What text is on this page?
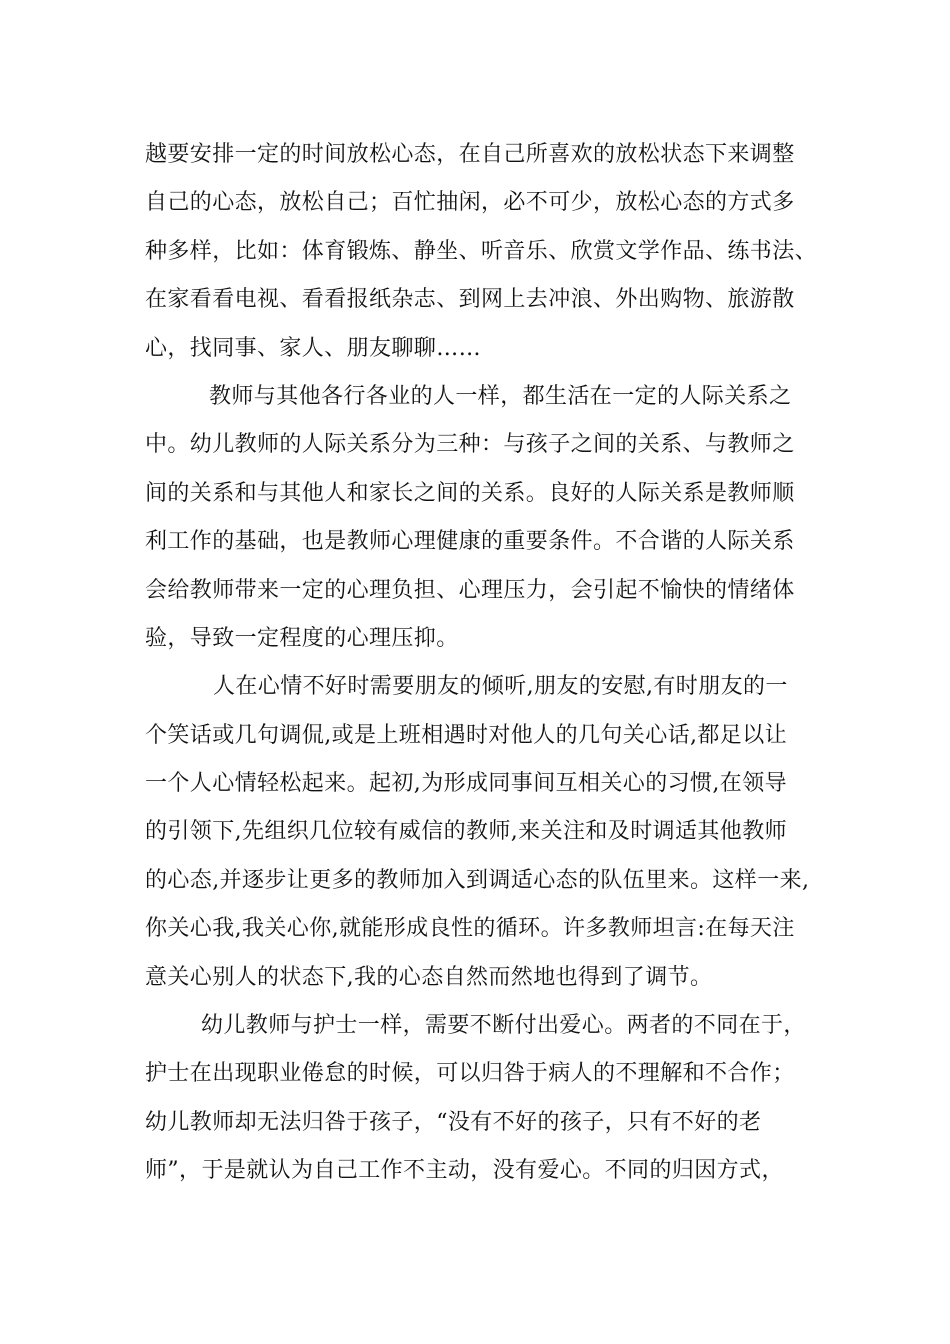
越要安排一定的时间放松心态，在自己所喜欢的放松状态下来调整
自己的心态，放松自己；百忙抽闲，必不可少，放松心态的方式多
种多样，比如：体育锻炼、静坐、听音乐、欣赏文学作品、练书法、
在家看看电视、看看报纸杂志、到网上去冲浪、外出购物、旅游散
心，找同事、家人、朋友聊聊……
教师与其他各行各业的人一样，都生活在一定的人际关系之
中。幼儿教师的人际关系分为三种：与孩子之间的关系、与教师之
间的关系和与其他人和家长之间的关系。良好的人际关系是教师顺
利工作的基础，也是教师心理健康的重要条件。不合谐的人际关系
会给教师带来一定的心理负担、心理压力，会引起不愉快的情绪体
验，导致一定程度的心理压抑。
人在心情不好时需要朋友的倾听,朋友的安慰,有时朋友的一
个笑话或几句调侃,或是上班相遇时对他人的几句关心话,都足以让
一个人心情轻松起来。起初,为形成同事间互相关心的习惯,在领导
的引领下,先组织几位较有威信的教师,来关注和及时调适其他教师
的心态,并逐步让更多的教师加入到调适心态的队伍里来。这样一来,
你关心我,我关心你,就能形成良性的循环。许多教师坦言:在每天注
意关心别人的状态下,我的心态自然而然地也得到了调节。
幼儿教师与护士一样，需要不断付出爱心。两者的不同在于，
护士在出现职业倦怠的时候，可以归咎于病人的不理解和不合作；
幼儿教师却无法归咎于孩子，“没有不好的孩子，只有不好的老
师”，于是就认为自己工作不主动，没有爱心。不同的归因方式，
